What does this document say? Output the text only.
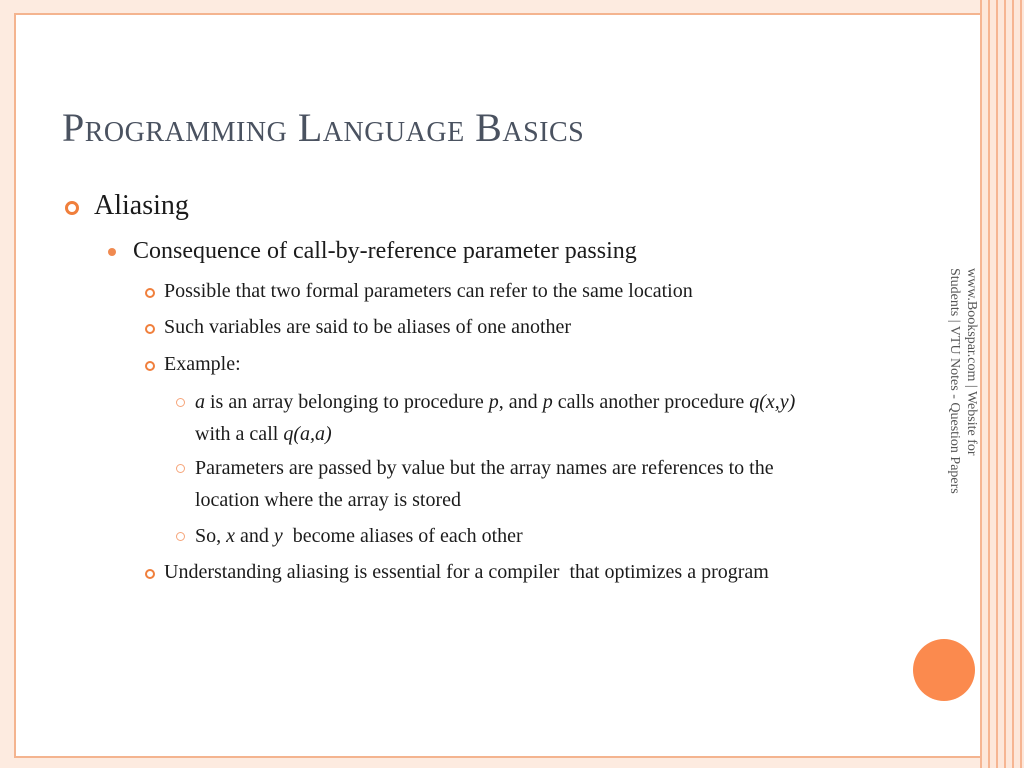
Programming Language Basics
Aliasing
Consequence of call-by-reference parameter passing
Possible that two formal parameters can refer to the same location
Such variables are said to be aliases of one another
Example:
a is an array belonging to procedure p, and p calls another procedure q(x,y)
with a call q(a,a)
Parameters are passed by value but the array names are references to the
location where the array is stored
So, x and y  become aliases of each other
Understanding aliasing is essential for a compiler  that optimizes a program
www.Bookspar.com | Website for
Students | VTU Notes - Question Papers
